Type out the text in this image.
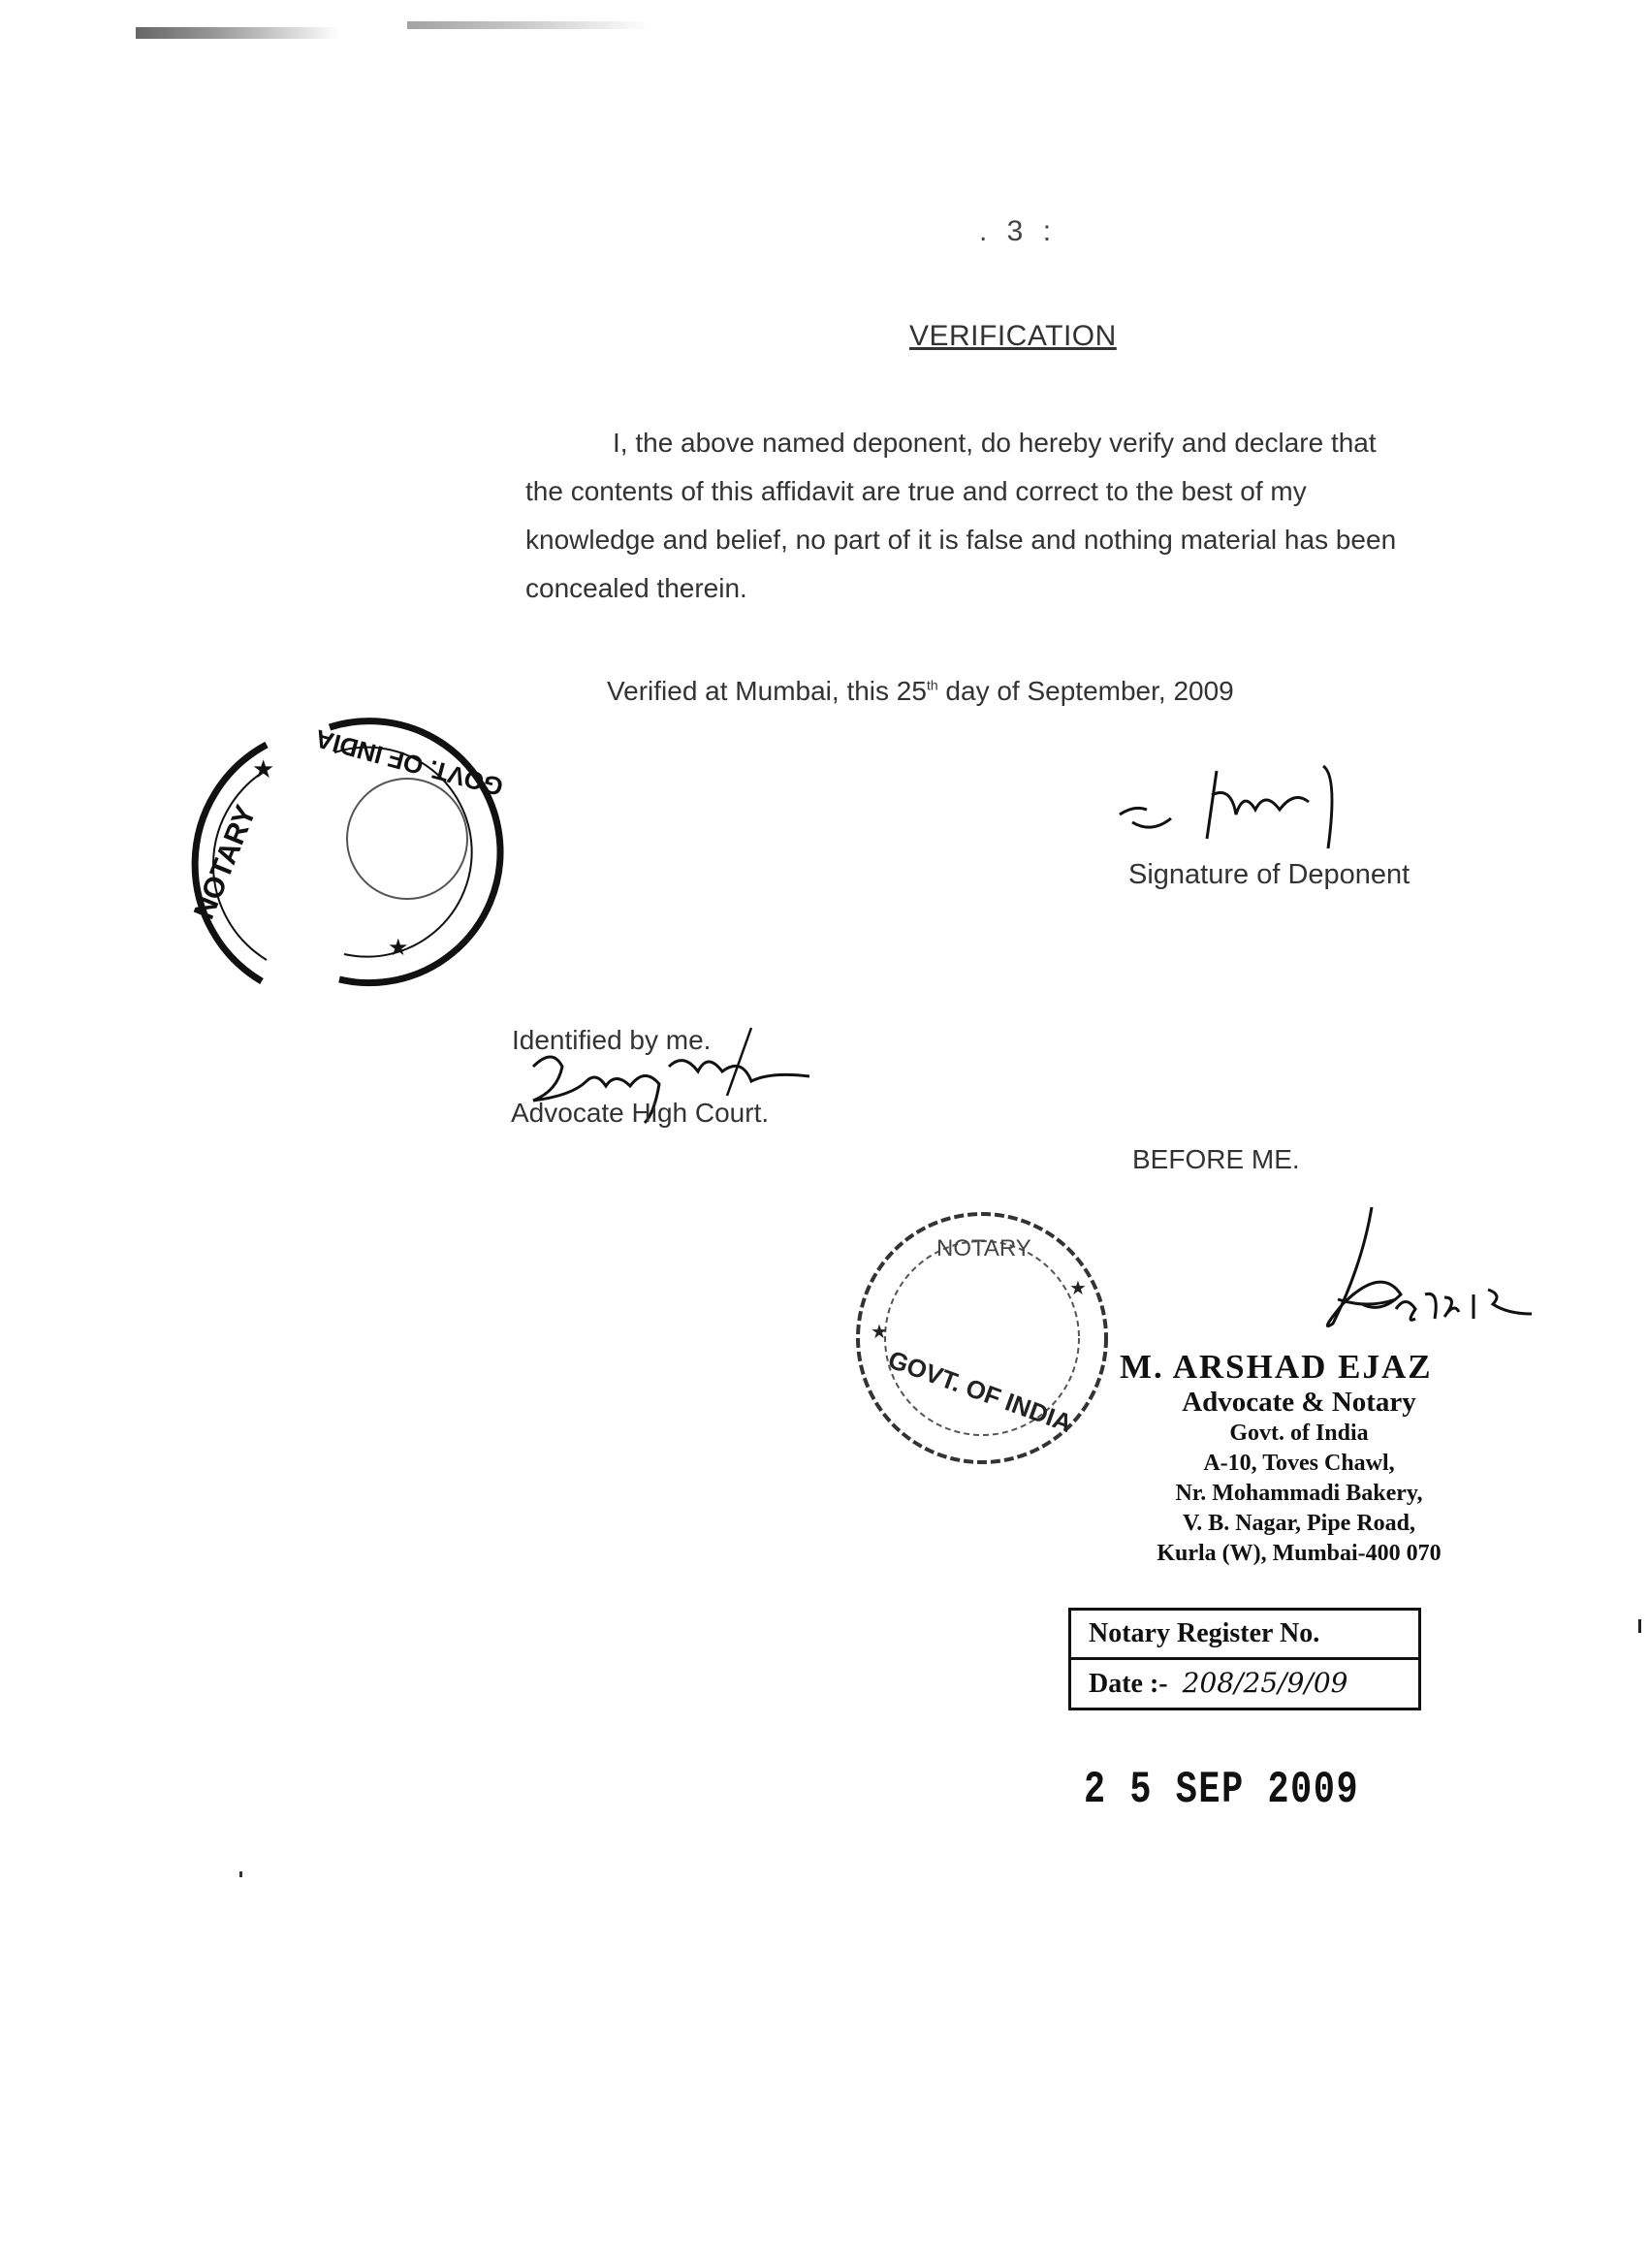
. 3 :
VERIFICATION
I, the above named deponent, do hereby verify and declare that
the contents of this affidavit are true and correct to the best of my
knowledge and belief, no part of it is false and nothing material has been
concealed therein.
Verified at Mumbai, this 25th day of September, 2009
NOTARY
★ GOVT. OF INDIA
★
Signature of Deponent
Identified by me.
Advocate High Court.
BEFORE ME.
NOTARY
GOVT. OF INDIA
★
★
M. ARSHAD EJAZ
Advocate & Notary
Govt. of India
A-10, Toves Chawl,
Nr. Mohammadi Bakery,
V. B. Nagar, Pipe Road,
Kurla (W), Mumbai-400 070
Notary Register No.
Date :- 208/25/9/09
2 5 SEP 2009
